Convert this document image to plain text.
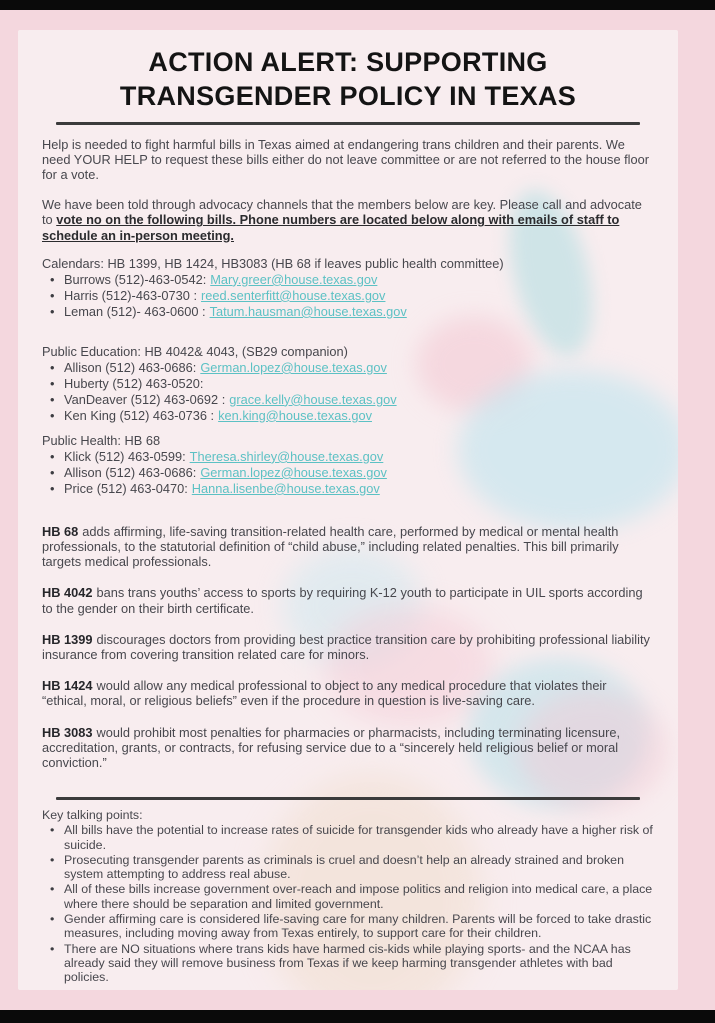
ACTION ALERT: SUPPORTING
TRANSGENDER POLICY IN TEXAS

Help is needed to fight harmful bills in Texas aimed at endangering trans children and their parents. We need YOUR HELP to request these bills either do not leave committee or are not referred to the house floor for a vote.

We have been told through advocacy channels that the members below are key. Please call and advocate to vote no on the following bills. Phone numbers are located below along with emails of staff to schedule an in-person meeting.

Calendars: HB 1399, HB 1424, HB3083 (HB 68 if leaves public health committee)
• Burrows (512)-463-0542: Mary.greer@house.texas.gov
• Harris (512)-463-0730 : reed.senterfitt@house.texas.gov
• Leman (512)- 463-0600 : Tatum.hausman@house.texas.gov
Public Education: HB 4042& 4043, (SB29 companion)
• Allison (512) 463-0686: German.lopez@house.texas.gov
• Huberty (512) 463-0520:
• VanDeaver (512) 463-0692 : grace.kelly@house.texas.gov
• Ken King (512) 463-0736 : ken.king@house.texas.gov
Public Health: HB 68
• Klick (512) 463-0599: Theresa.shirley@house.texas.gov
• Allison (512) 463-0686: German.lopez@house.texas.gov
• Price (512) 463-0470: Hanna.lisenbe@house.texas.gov

HB 68 adds affirming, life-saving transition-related health care, performed by medical or mental health professionals, to the statutorial definition of “child abuse,” including related penalties. This bill primarily targets medical professionals.

HB 4042 bans trans youths’ access to sports by requiring K-12 youth to participate in UIL sports according to the gender on their birth certificate.

HB 1399 discourages doctors from providing best practice transition care by prohibiting professional liability insurance from covering transition related care for minors.

HB 1424 would allow any medical professional to object to any medical procedure that violates their “ethical, moral, or religious beliefs” even if the procedure in question is live-saving care.

HB 3083 would prohibit most penalties for pharmacies or pharmacists, including terminating licensure, accreditation, grants, or contracts, for refusing service due to a “sincerely held religious belief or moral conviction.”

Key talking points:
• All bills have the potential to increase rates of suicide for transgender kids who already have a higher risk of suicide.
• Prosecuting transgender parents as criminals is cruel and doesn’t help an already strained and broken system attempting to address real abuse.
• All of these bills increase government over-reach and impose politics and religion into medical care, a place where there should be separation and limited government.
• Gender affirming care is considered life-saving care for many children. Parents will be forced to take drastic measures, including moving away from Texas entirely, to support care for their children.
• There are NO situations where trans kids have harmed cis-kids while playing sports- and the NCAA has already said they will remove business from Texas if we keep harming transgender athletes with bad policies.
